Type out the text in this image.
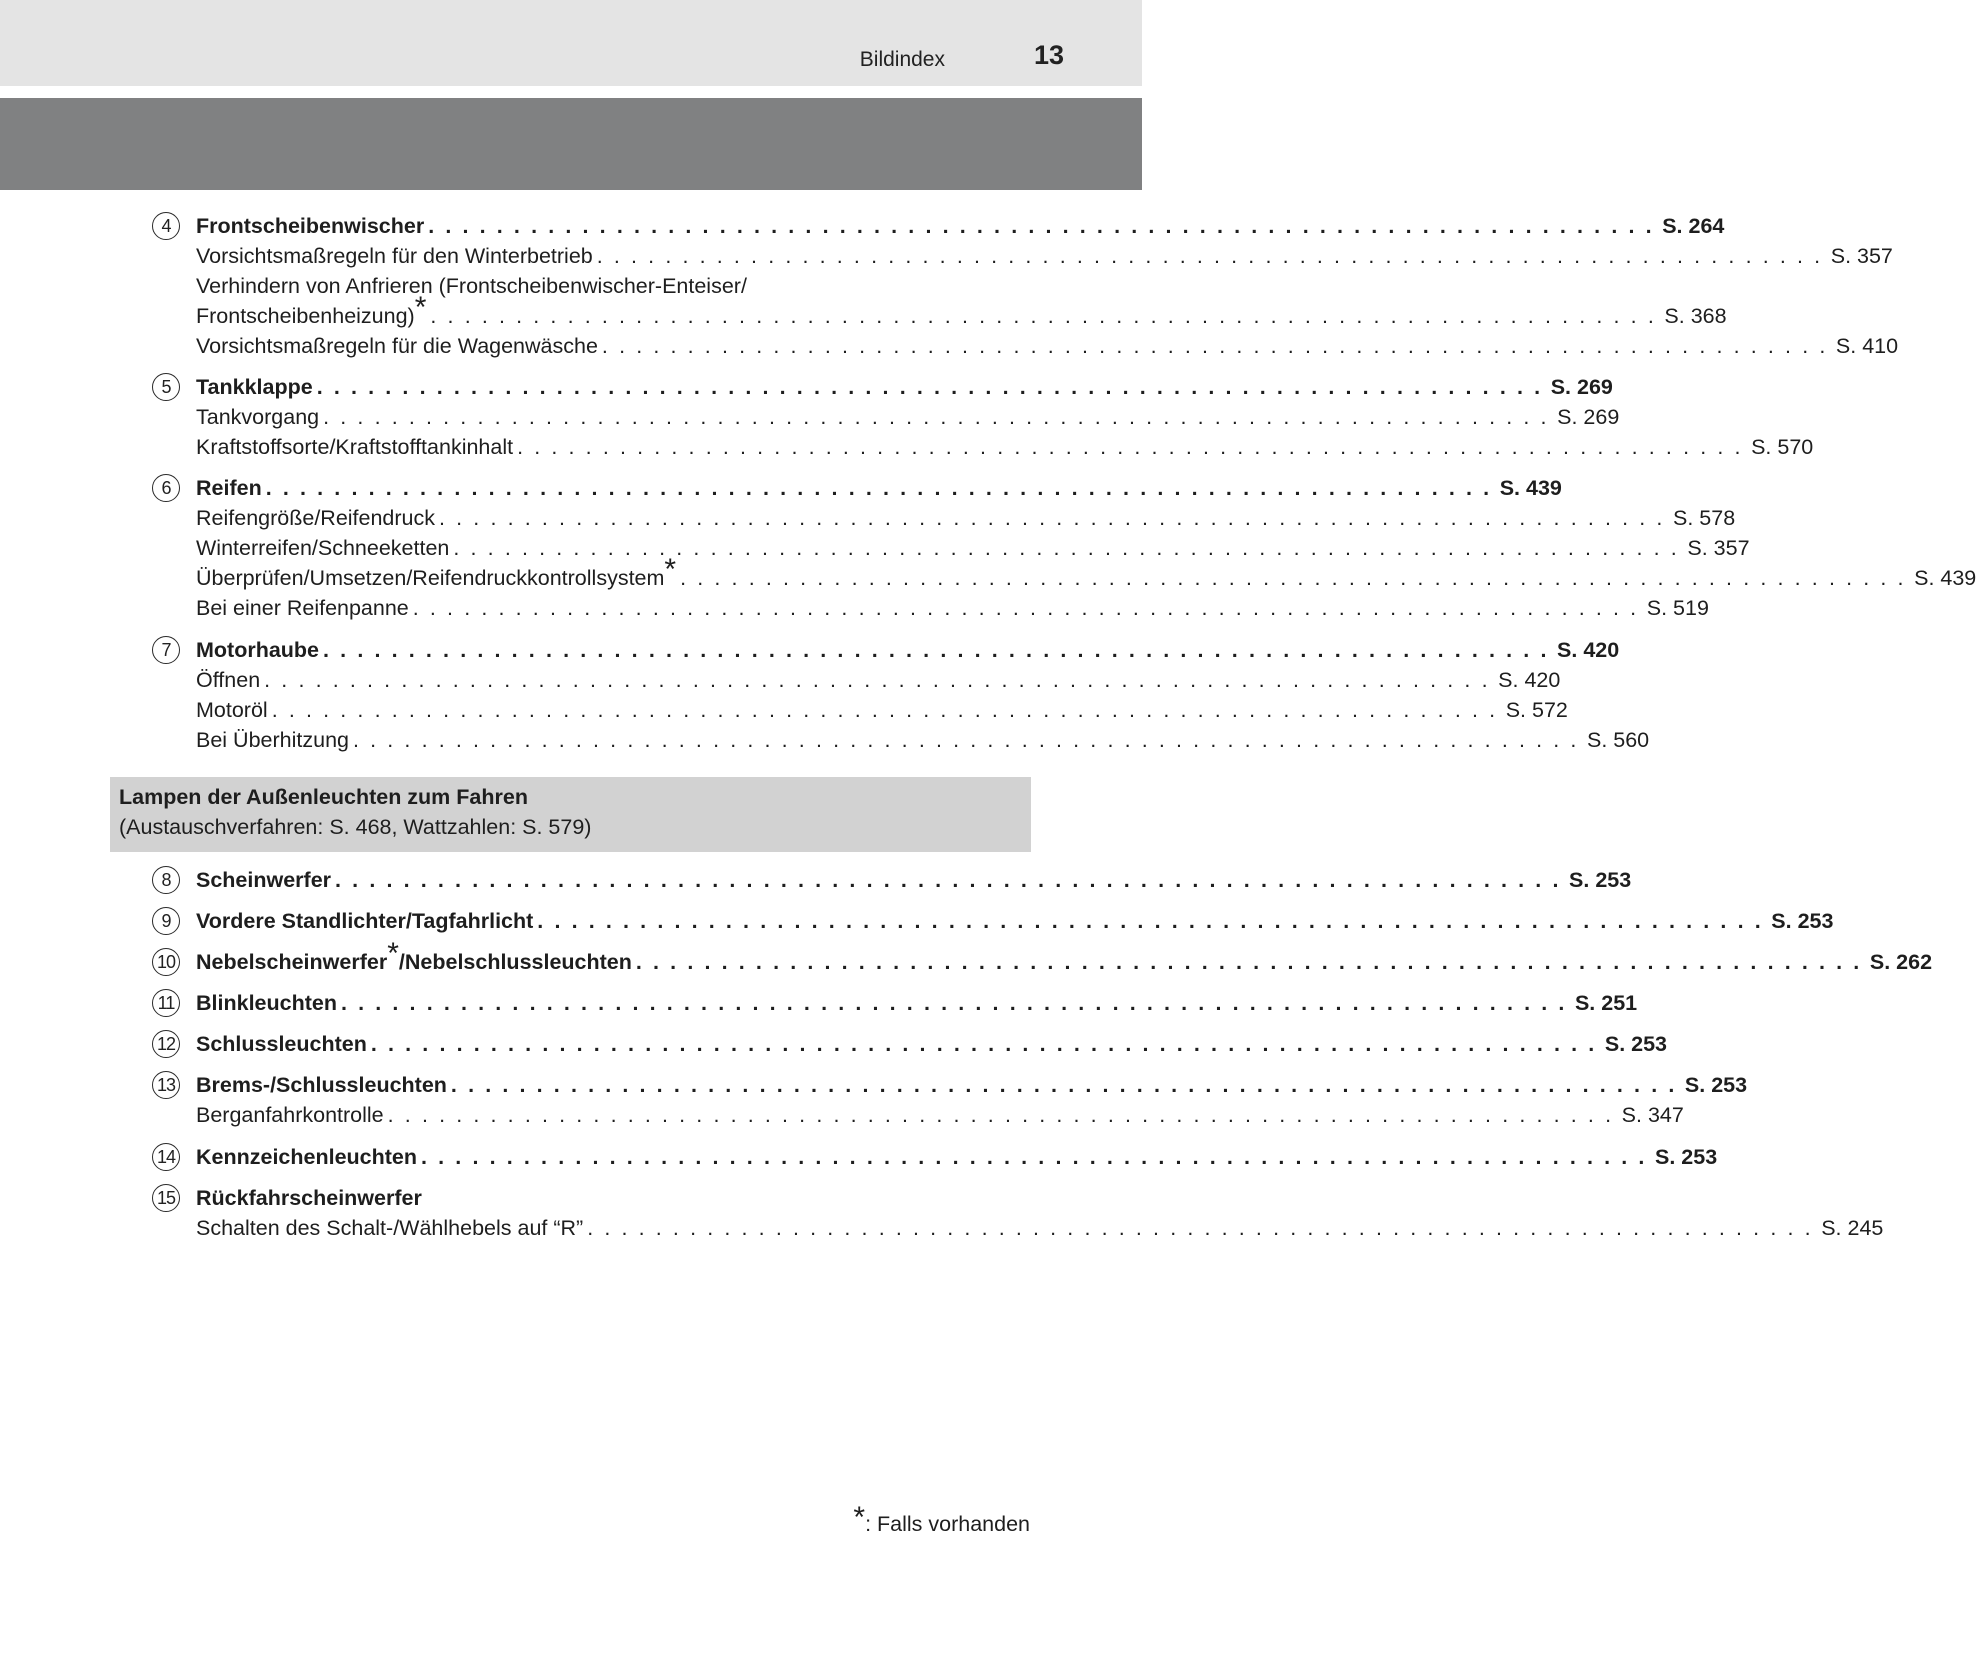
Bildindex	13
4	Frontscheibenwischer . . . . . . . . . . . . . . . . . . . . . . . . . . . . . . . . . . . . . . . . . . . . . . . . . . . . . . . . . . . . . . . . . . . . . . . . S. 264
Vorsichtsmaßregeln für den Winterbetrieb . . . . . . . . . . . . . . . . . . . . . . . . . . . . . . . . . . . . . . . . . . . . . . . . . . . . . . . . . . . . . . . . . . . . . . . . S. 357
Verhindern von Anfrieren (Frontscheibenwischer-Enteiser/
Frontscheibenheizung)* . . . . . . . . . . . . . . . . . . . . . . . . . . . . . . . . . . . . . . . . . . . . . . . . . . . . . . . . . . . . . . . . . . . . . . . . S. 368
Vorsichtsmaßregeln für die Wagenwäsche . . . . . . . . . . . . . . . . . . . . . . . . . . . . . . . . . . . . . . . . . . . . . . . . . . . . . . . . . . . . . . . . . . . . . . . . S. 410
5	Tankklappe . . . . . . . . . . . . . . . . . . . . . . . . . . . . . . . . . . . . . . . . . . . . . . . . . . . . . . . . . . . . . . . . . . . . . . . . S. 269
Tankvorgang . . . . . . . . . . . . . . . . . . . . . . . . . . . . . . . . . . . . . . . . . . . . . . . . . . . . . . . . . . . . . . . . . . . . . . . . S. 269
Kraftstoffsorte/Kraftstofftankinhalt . . . . . . . . . . . . . . . . . . . . . . . . . . . . . . . . . . . . . . . . . . . . . . . . . . . . . . . . . . . . . . . . . . . . . . . . S. 570
6	Reifen . . . . . . . . . . . . . . . . . . . . . . . . . . . . . . . . . . . . . . . . . . . . . . . . . . . . . . . . . . . . . . . . . . . . . . . . S. 439
Reifengröße/Reifendruck . . . . . . . . . . . . . . . . . . . . . . . . . . . . . . . . . . . . . . . . . . . . . . . . . . . . . . . . . . . . . . . . . . . . . . . . S. 578
Winterreifen/Schneeketten . . . . . . . . . . . . . . . . . . . . . . . . . . . . . . . . . . . . . . . . . . . . . . . . . . . . . . . . . . . . . . . . . . . . . . . . S. 357
Überprüfen/Umsetzen/Reifendruckkontrollsystem* . . . . . . . . . . . . . . . . . . . . . . . . . . . . . . . . . . . . . . . . . . . . . . . . . . . . . . . . . . . . . . . . . . . . . . . . S. 439
Bei einer Reifenpanne . . . . . . . . . . . . . . . . . . . . . . . . . . . . . . . . . . . . . . . . . . . . . . . . . . . . . . . . . . . . . . . . . . . . . . . . S. 519
7	Motorhaube . . . . . . . . . . . . . . . . . . . . . . . . . . . . . . . . . . . . . . . . . . . . . . . . . . . . . . . . . . . . . . . . . . . . . . . . S. 420
Öffnen . . . . . . . . . . . . . . . . . . . . . . . . . . . . . . . . . . . . . . . . . . . . . . . . . . . . . . . . . . . . . . . . . . . . . . . . S. 420
Motoröl . . . . . . . . . . . . . . . . . . . . . . . . . . . . . . . . . . . . . . . . . . . . . . . . . . . . . . . . . . . . . . . . . . . . . . . . S. 572
Bei Überhitzung . . . . . . . . . . . . . . . . . . . . . . . . . . . . . . . . . . . . . . . . . . . . . . . . . . . . . . . . . . . . . . . . . . . . . . . . S. 560
Lampen der Außenleuchten zum Fahren
(Austauschverfahren: S. 468, Wattzahlen: S. 579)
8	Scheinwerfer . . . . . . . . . . . . . . . . . . . . . . . . . . . . . . . . . . . . . . . . . . . . . . . . . . . . . . . . . . . . . . . . . . . . . . . . S. 253
9	Vordere Standlichter/Tagfahrlicht . . . . . . . . . . . . . . . . . . . . . . . . . . . . . . . . . . . . . . . . . . . . . . . . . . . . . . . . . . . . . . . . . . . . . . . . S. 253
10 Nebelscheinwerfer*/Nebelschlussleuchten . . . . . . . . . . . . . . . . . . . . . . . . . . . . . . . . . . . . . . . . . . . . . . . . . . . . . . . . . . . . . . . . . . . . . . . . S. 262
11 Blinkleuchten . . . . . . . . . . . . . . . . . . . . . . . . . . . . . . . . . . . . . . . . . . . . . . . . . . . . . . . . . . . . . . . . . . . . . . . . S. 251
12 Schlussleuchten . . . . . . . . . . . . . . . . . . . . . . . . . . . . . . . . . . . . . . . . . . . . . . . . . . . . . . . . . . . . . . . . . . . . . . . . S. 253
13 Brems-/Schlussleuchten . . . . . . . . . . . . . . . . . . . . . . . . . . . . . . . . . . . . . . . . . . . . . . . . . . . . . . . . . . . . . . . . . . . . . . . . S. 253
Berganfahrkontrolle . . . . . . . . . . . . . . . . . . . . . . . . . . . . . . . . . . . . . . . . . . . . . . . . . . . . . . . . . . . . . . . . . . . . . . . . S. 347
14 Kennzeichenleuchten . . . . . . . . . . . . . . . . . . . . . . . . . . . . . . . . . . . . . . . . . . . . . . . . . . . . . . . . . . . . . . . . . . . . . . . . S. 253
15 Rückfahrscheinwerfer
Schalten des Schalt-/Wählhebels auf “R” . . . . . . . . . . . . . . . . . . . . . . . . . . . . . . . . . . . . . . . . . . . . . . . . . . . . . . . . . . . . . . . . . . . . . . . . S. 245
*: Falls vorhanden
